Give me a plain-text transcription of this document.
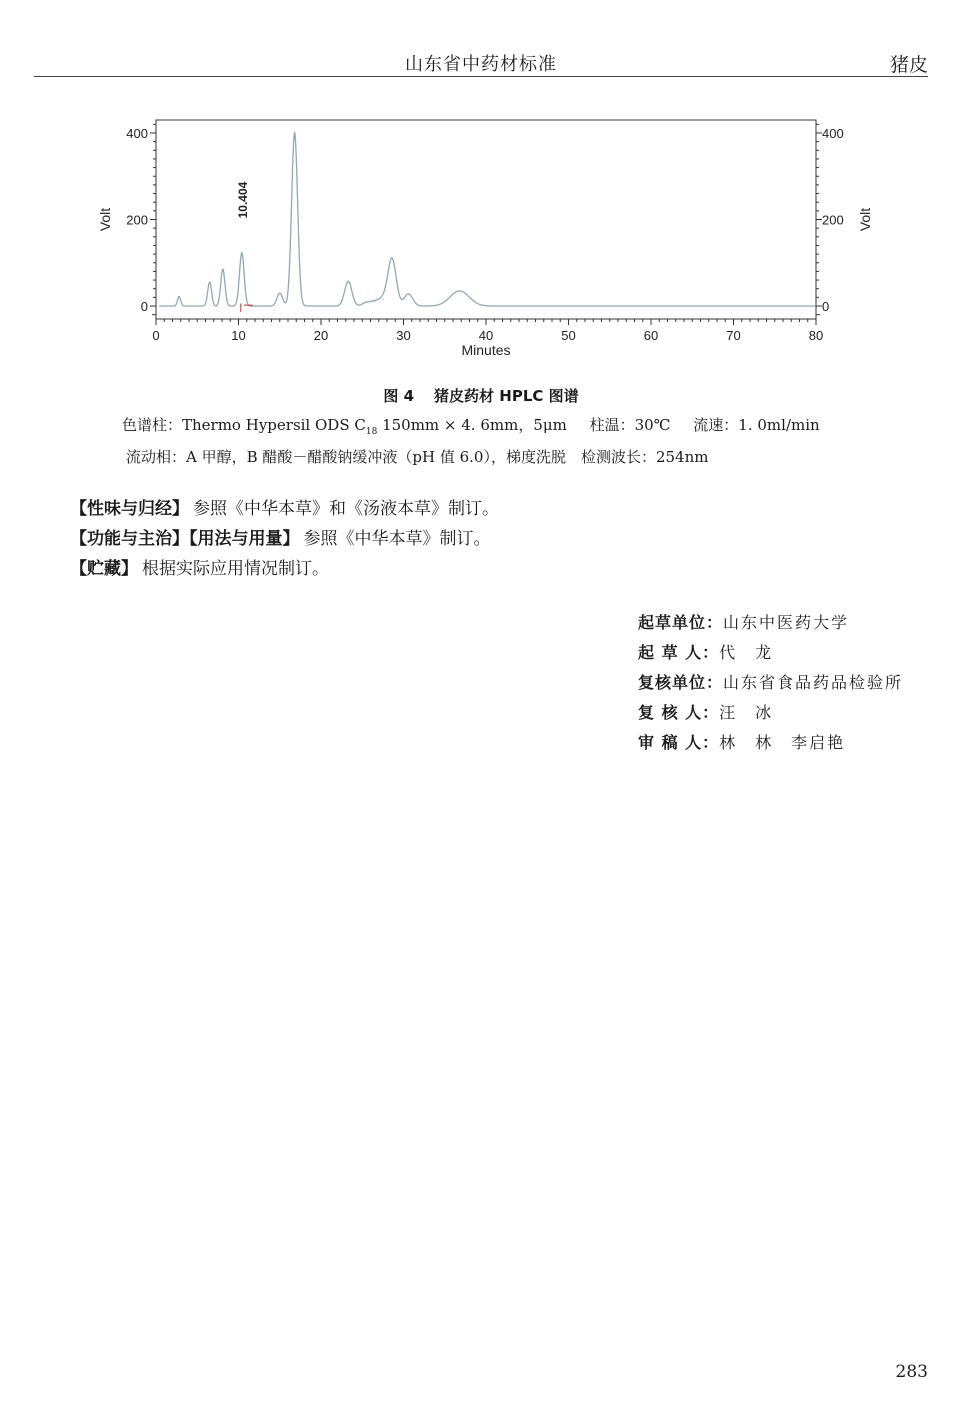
山东省中药材标准	猪皮
0	10	20	30	40	50	60	70	80
Minutes
0	0
200	200
400	400
Volt	Volt
10.404
图 4 猪皮药材 HPLC 图谱
色谱柱：Thermo Hypersil ODS $C_{18}$ 150mm × 4. 6mm，5μm 柱温：30℃ 流速：1. 0ml/min
流动相：A 甲醇，B 醋酸－醋酸钠缓冲液（pH 值 6.0），梯度洗脱　检测波长：254nm
【性味与归经】 参照《中华本草》和《汤液本草》制订。
【功能与主治】【用法与用量】 参照《中华本草》制订。
【贮藏】 根据实际应用情况制订。
起草单位：山东中医药大学
起 草 人：代　龙
复核单位：山东省食品药品检验所
复 核 人：汪　冰
审 稿 人：林　林　李启艳
283
